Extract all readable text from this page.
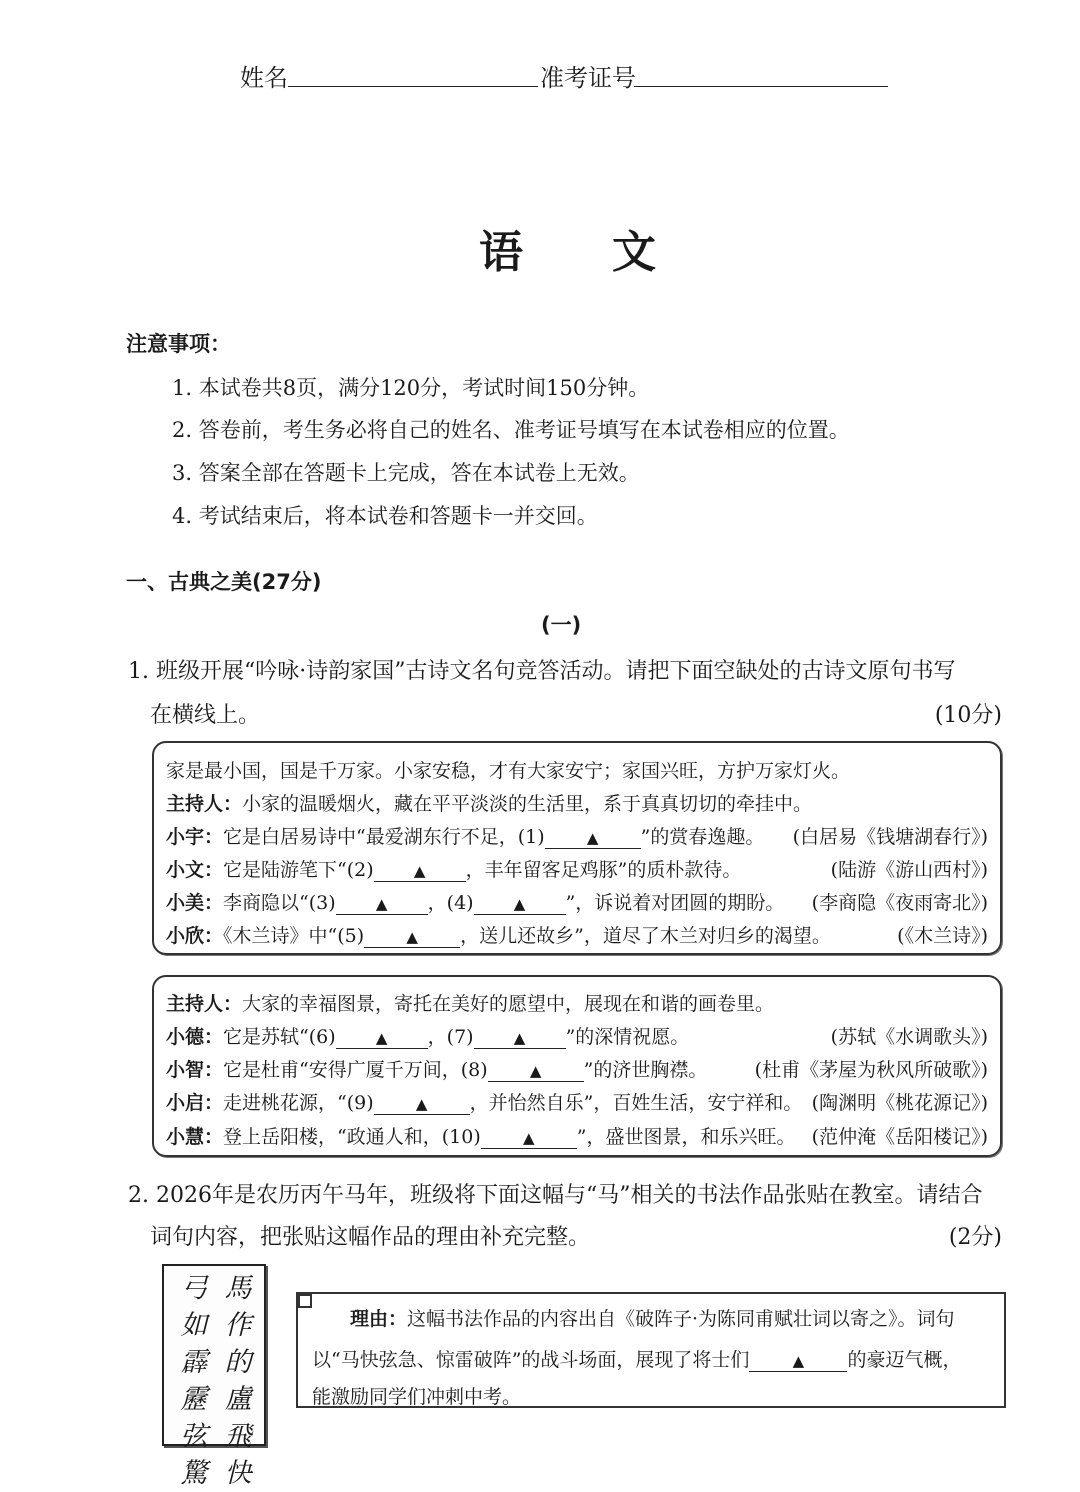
姓名	准考证号
语 文
注意事项：
1. 本试卷共8页，满分120分，考试时间150分钟。
2. 答卷前，考生务必将自己的姓名、准考证号填写在本试卷相应的位置。
3. 答案全部在答题卡上完成，答在本试卷上无效。
4. 考试结束后，将本试卷和答题卡一并交回。
一、古典之美(27分)
(一)
1. 班级开展“吟咏·诗韵家国”古诗文名句竞答活动。请把下面空缺处的古诗文原句书写
在横线上。	(10分)
家是最小国，国是千万家。小家安稳，才有大家安宁；家国兴旺，方护万家灯火。
主持人：小家的温暖烟火，藏在平平淡淡的生活里，系于真真切切的牵挂中。
小宇：它是白居易诗中“最爱湖东行不足，(1)	▲ ”的赏春逸趣。 (白居易《钱塘湖春行》)
小文：它是陆游笔下“(2)	▲ ，丰年留客足鸡豚”的质朴款待。	(陆游《游山西村》)
小美：李商隐以“(3)	▲ ，(4)	▲ ”，诉说着对团圆的期盼。 (李商隐《夜雨寄北》)
小欣：《木兰诗》中“(5)	▲ ，送儿还故乡”，道尽了木兰对归乡的渴望。	(《木兰诗》)
主持人：大家的幸福图景，寄托在美好的愿望中，展现在和谐的画卷里。
小德：它是苏轼“(6)	▲ ，(7)	▲ ”的深情祝愿。	(苏轼《水调歌头》)
小智：它是杜甫“安得广厦千万间，(8)	▲ ”的济世胸襟。 (杜甫《茅屋为秋风所破歌》)
小启：走进桃花源，“(9)	▲ ，并怡然自乐”，百姓生活，安宁祥和。 (陶渊明《桃花源记》)
小慧：登上岳阳楼，“政通人和，(10)	▲ ”，盛世图景，和乐兴旺。 (范仲淹《岳阳楼记》)
2. 2026年是农历丙午马年，班级将下面这幅与“马”相关的书法作品张贴在教室。请结合
词句内容，把张贴这幅作品的理由补充完整。	(2分)
馬作的盧飛快
弓如霹靂弦驚
理由：这幅书法作品的内容出自《破阵子·为陈同甫赋壮词以寄之》。词句
以“马快弦急、惊雷破阵”的战斗场面，展现了将士们	▲ 的豪迈气概，
能激励同学们冲刺中考。
